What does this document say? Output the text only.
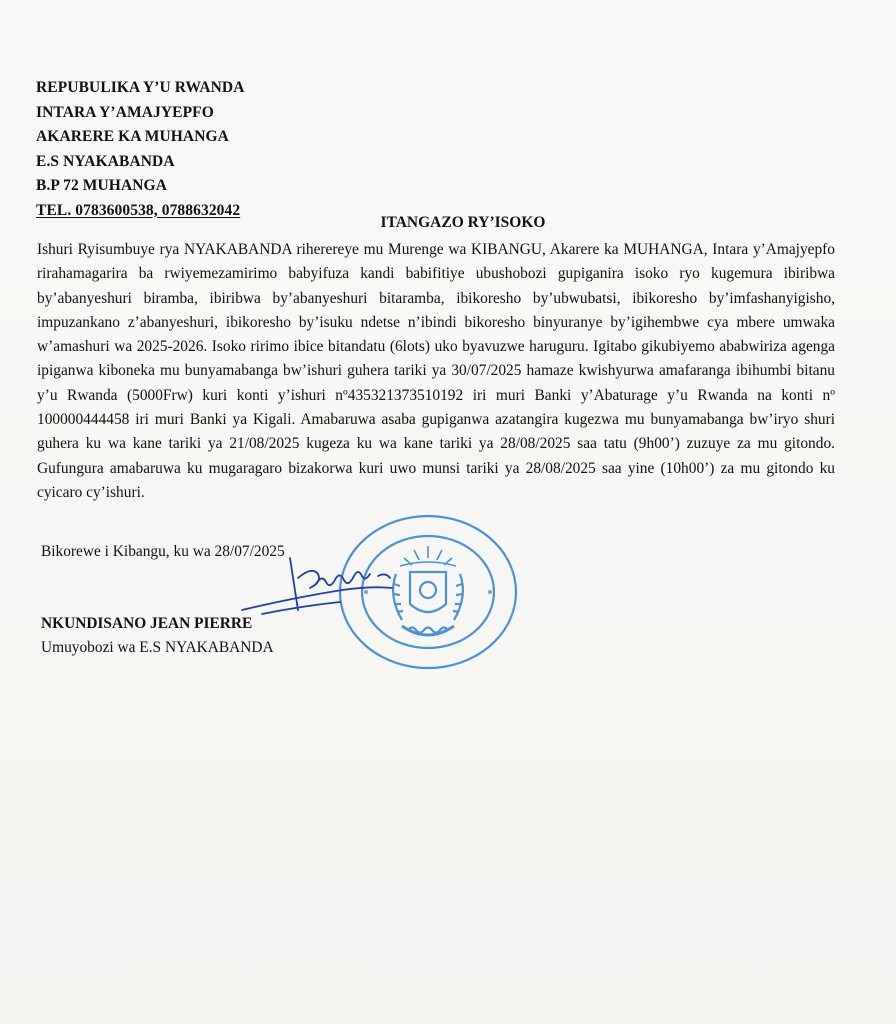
REPUBULIKA Y’U RWANDA
INTARA Y’AMAJYEPFO
AKARERE KA MUHANGA
E.S NYAKABANDA
B.P 72 MUHANGA
TEL. 0783600538, 0788632042
ITANGAZO RY’ISOKO
Ishuri Ryisumbuye rya NYAKABANDA riherereye mu Murenge wa KIBANGU, Akarere ka MUHANGA, Intara y’Amajyepfo rirahamagarira ba rwiyemezamirimo babyifuza kandi babifitiye ubushobozi gupiganira isoko ryo kugemura ibiribwa by’abanyeshuri biramba, ibiribwa by’abanyeshuri bitaramba, ibikoresho by’ubwubatsi, ibikoresho by’imfashanyigisho, impuzankano z’abanyeshuri, ibikoresho by’isuku ndetse n’ibindi bikoresho binyuranye by’igihembwe cya mbere umwaka w’amashuri wa 2025-2026. Isoko ririmo ibice bitandatu (6lots) uko byavuzwe haruguru. Igitabo gikubiyemo ababwiriza agenga ipiganwa kiboneka mu bunyamabanga bw’ishuri guhera tariki ya 30/07/2025 hamaze kwishyurwa amafaranga ibihumbi bitanu y’u Rwanda (5000Frw) kuri konti y’ishuri nº435321373510192 iri muri Banki y’Abaturage y’u Rwanda na konti nº 100000444458 iri muri Banki ya Kigali. Amabaruwa asaba gupiganwa azatangira kugezwa mu bunyamabanga bw’iryo shuri guhera ku wa kane tariki ya 21/08/2025 kugeza ku wa kane tariki ya 28/08/2025 saa tatu (9h00’) zuzuye za mu gitondo. Gufungura amabaruwa ku mugaragaro bizakorwa kuri uwo munsi tariki ya 28/08/2025 saa yine (10h00’) za mu gitondo ku cyicaro cy’ishuri.
Bikorewe i Kibangu, ku wa 28/07/2025
NKUNDISANO JEAN PIERRE
Umuyobozi wa E.S NYAKABANDA
